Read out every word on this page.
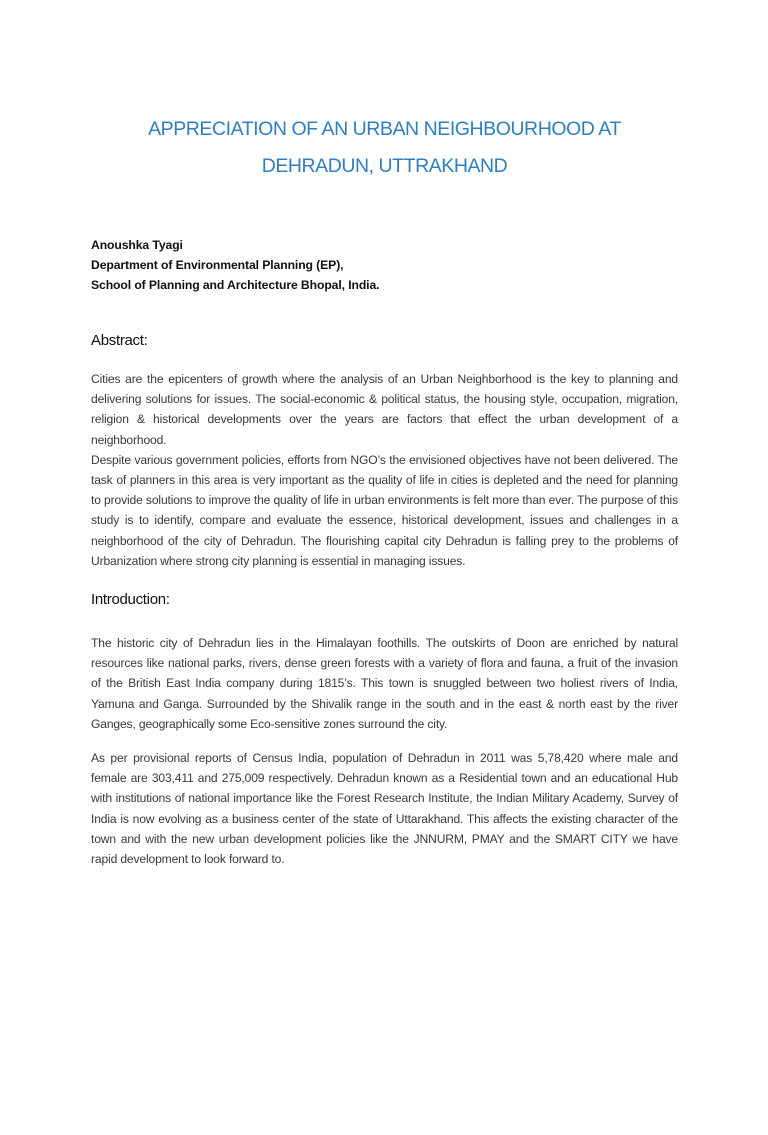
APPRECIATION OF AN URBAN NEIGHBOURHOOD AT DEHRADUN, UTTRAKHAND
Anoushka Tyagi
Department of Environmental Planning (EP),
School of Planning and Architecture Bhopal, India.
Abstract:

Cities are the epicenters of growth where the analysis of an Urban Neighborhood is the key to planning and delivering solutions for issues. The social-economic & political status, the housing style, occupation, migration, religion & historical developments over the years are factors that effect the urban development of a neighborhood.

Despite various government policies, efforts from NGO’s the envisioned objectives have not been delivered. The task of planners in this area is very important as the quality of life in cities is depleted and the need for planning to provide solutions to improve the quality of life in urban environments is felt more than ever. The purpose of this study is to identify, compare and evaluate the essence, historical development, issues and challenges in a neighborhood of the city of Dehradun. The flourishing capital city Dehradun is falling prey to the problems of Urbanization where strong city planning is essential in managing issues.

Introduction:

The historic city of Dehradun lies in the Himalayan foothills. The outskirts of Doon are enriched by natural resources like national parks, rivers, dense green forests with a variety of flora and fauna, a fruit of the invasion of the British East India company during 1815’s. This town is snuggled between two holiest rivers of India, Yamuna and Ganga. Surrounded by the Shivalik range in the south and in the east & north east by the river Ganges, geographically some Eco-sensitive zones surround the city.

As per provisional reports of Census India, population of Dehradun in 2011 was 5,78,420 where male and female are 303,411 and 275,009 respectively. Dehradun known as a Residential town and an educational Hub with institutions of national importance like the Forest Research Institute, the Indian Military Academy, Survey of India is now evolving as a business center of the state of Uttarakhand. This affects the existing character of the town and with the new urban development policies like the JNNURM, PMAY and the SMART CITY we have rapid development to look forward to.
